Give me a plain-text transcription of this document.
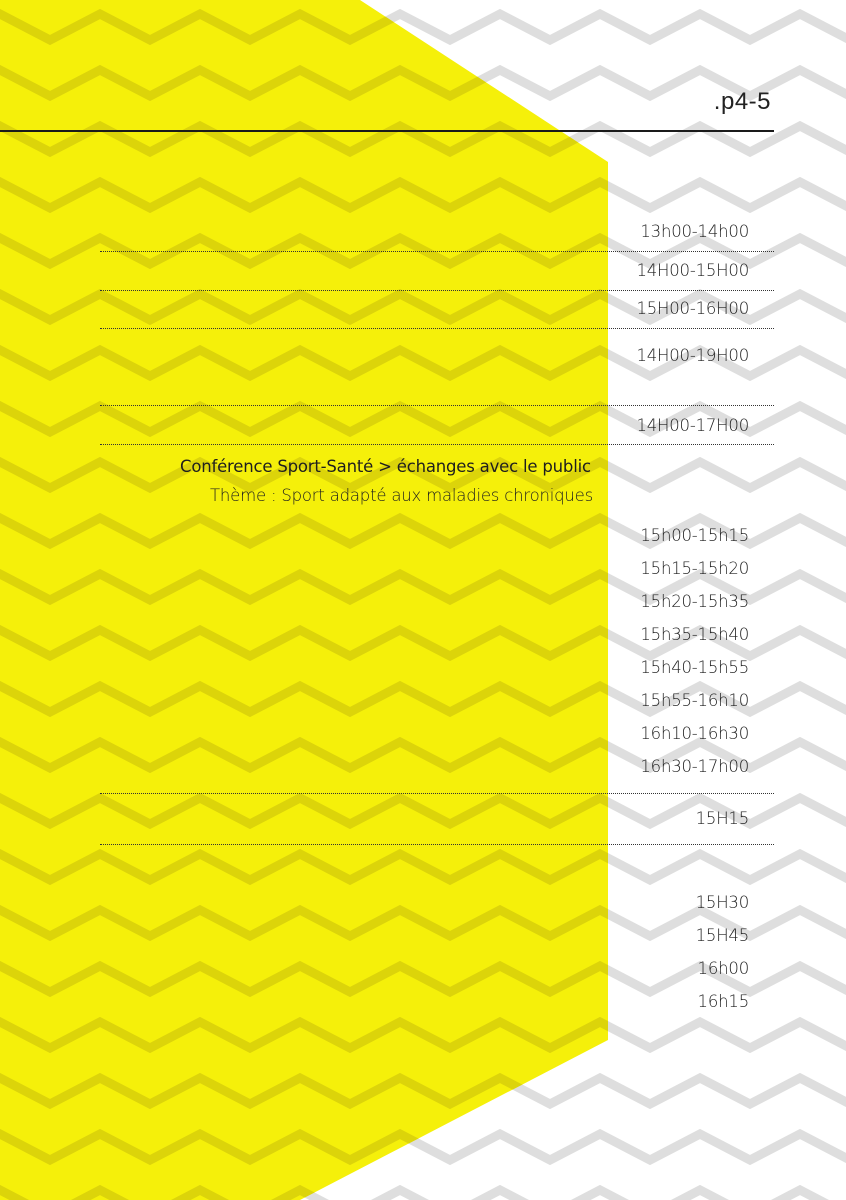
.p4-5
13h00-14h00
14H00-15H00
15H00-16H00
14H00-19H00
14H00-17H00
Conférence Sport-Santé > échanges avec le public
Thème : Sport adapté aux maladies chroniques
15h00-15h15
15h15-15h20
15h20-15h35
15h35-15h40
15h40-15h55
15h55-16h10
16h10-16h30
16h30-17h00
15H15
15H30
15H45
16h00
16h15
